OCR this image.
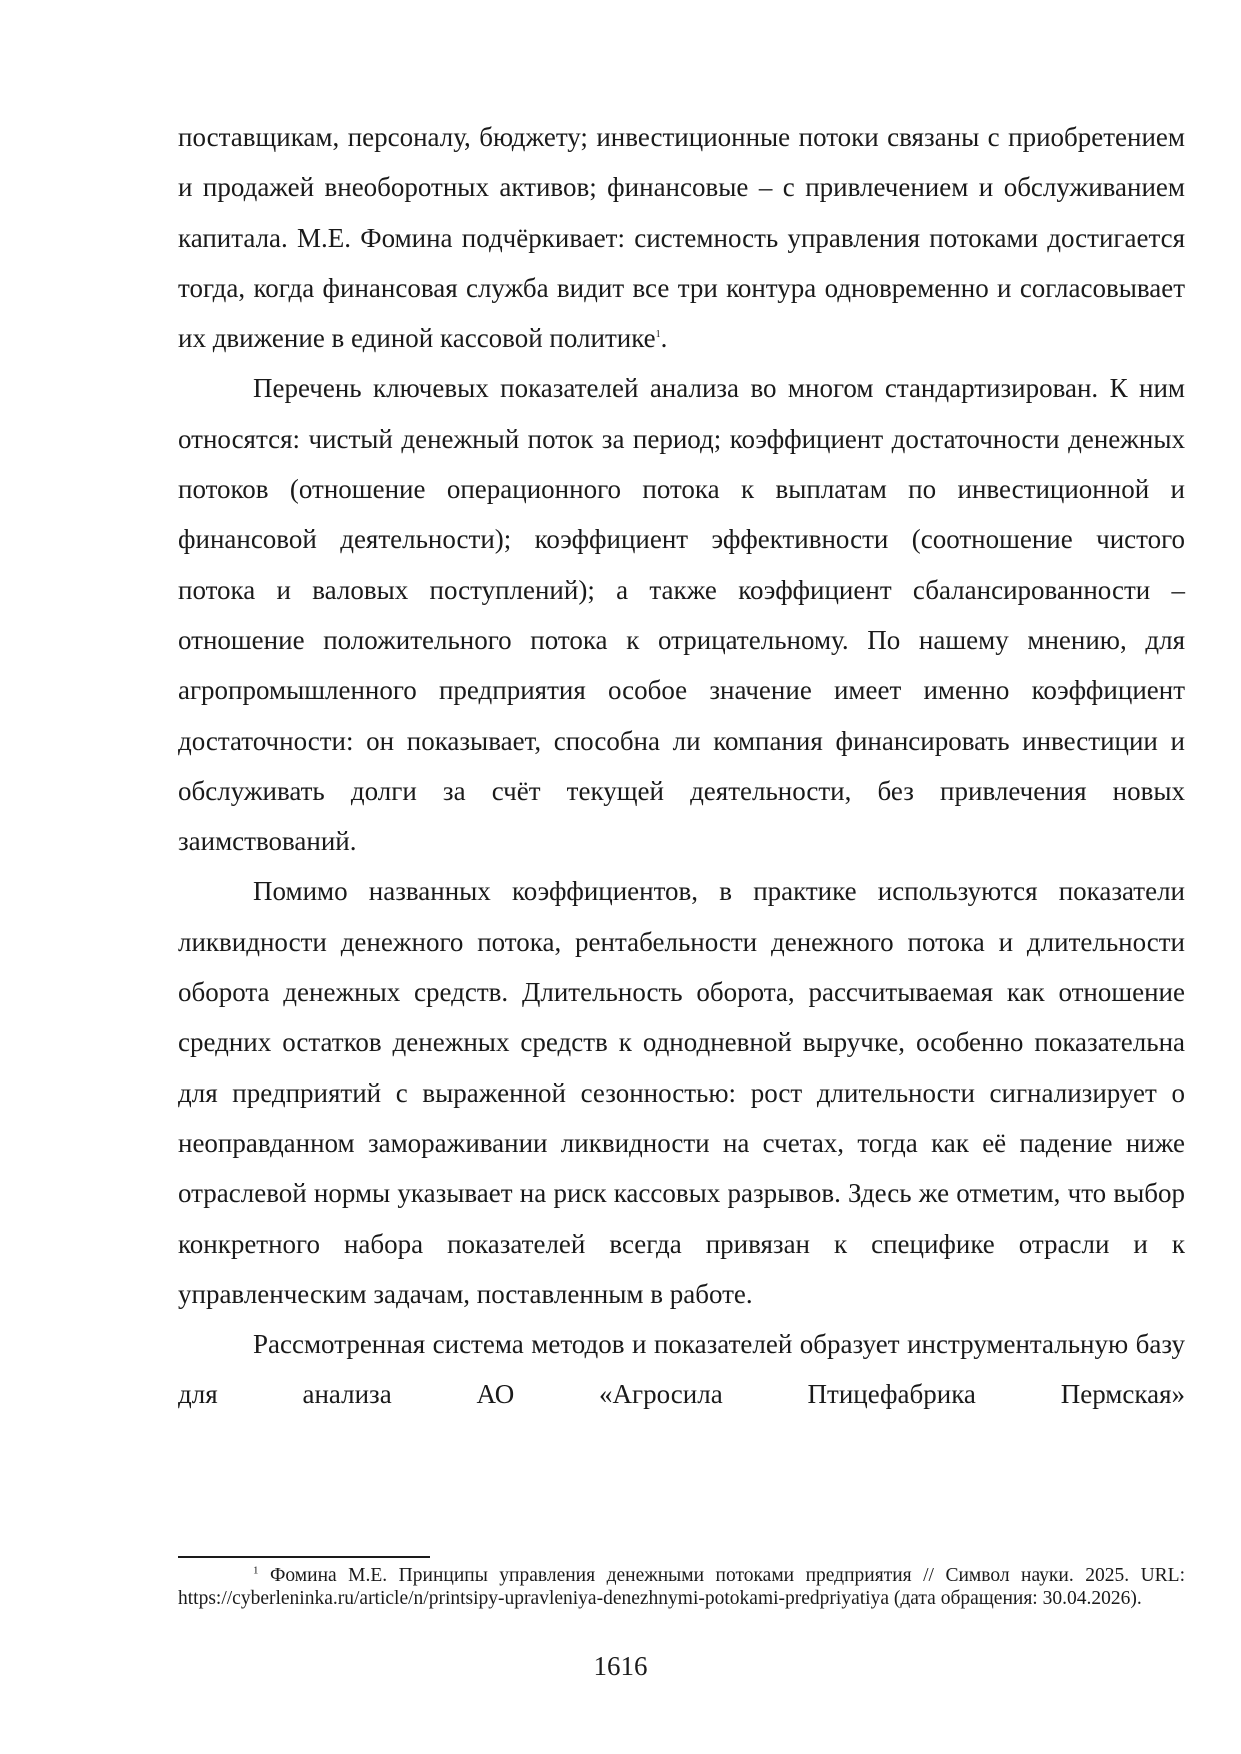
поставщикам, персоналу, бюджету; инвестиционные потоки связаны с приобретением и продажей внеоборотных активов; финансовые – с привлечением и обслуживанием капитала. М.Е. Фомина подчёркивает: системность управления потоками достигается тогда, когда финансовая служба видит все три контура одновременно и согласовывает их движение в единой кассовой политике$^1$.

Перечень ключевых показателей анализа во многом стандартизирован. К ним относятся: чистый денежный поток за период; коэффициент достаточности денежных потоков (отношение операционного потока к выплатам по инвестиционной и финансовой деятельности); коэффициент эффективности (соотношение чистого потока и валовых поступлений); а также коэффициент сбалансированности – отношение положительного потока к отрицательному. По нашему мнению, для агропромышленного предприятия особое значение имеет именно коэффициент достаточности: он показывает, способна ли компания финансировать инвестиции и обслуживать долги за счёт текущей деятельности, без привлечения новых заимствований.

Помимо названных коэффициентов, в практике используются показатели ликвидности денежного потока, рентабельности денежного потока и длительности оборота денежных средств. Длительность оборота, рассчитываемая как отношение средних остатков денежных средств к однодневной выручке, особенно показательна для предприятий с выраженной сезонностью: рост длительности сигнализирует о неоправданном замораживании ликвидности на счетах, тогда как её падение ниже отраслевой нормы указывает на риск кассовых разрывов. Здесь же отметим, что выбор конкретного набора показателей всегда привязан к специфике отрасли и к управленческим задачам, поставленным в работе.

Рассмотренная система методов и показателей образует инструментальную базу для анализа АО «Агросила Птицефабрика Пермская»

$^1$ Фомина М.Е. Принципы управления денежными потоками предприятия // Символ науки. 2025. URL: https://cyberleninka.ru/article/n/printsipy-upravleniya-denezhnymi-potokami-predpriyatiya (дата обращения: 30.04.2026).
1616
